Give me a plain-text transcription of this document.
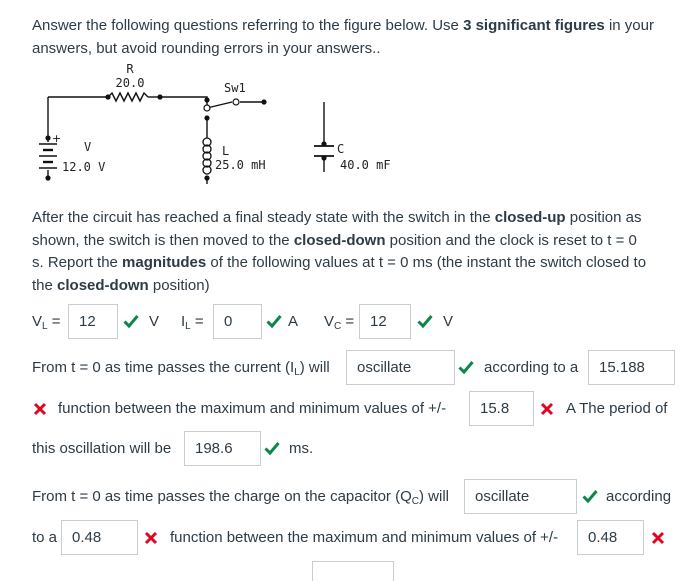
Answer the following questions referring to the figure below. Use 3 significant figures in your
answers, but avoid rounding errors in your answers..
+
R
20.0	Sw1
V
12.0 V
L
25.0 mH
C
40.0 mF
After the circuit has reached a final steady state with the switch in the closed-up position as
shown, the switch is then moved to the closed-down position and the clock is reset to t = 0
s. Report the magnitudes of the following values at t = 0 ms (the instant the switch closed to
the closed-down position)
$V_L$ =	12	V $I_L$ =	0	A $V_C$ =	12	V
From t = 0 as time passes the current $(I_L)$ will	oscillate	according to a	15.188
function between the maximum and minimum values of +/-	15.8	A The period of
this oscillation will be	198.6	ms.
From t = 0 as time passes the charge on the capacitor $(Q_C)$ will	oscillate	according
to a 0.48	function between the maximum and minimum values of +/-	0.48
